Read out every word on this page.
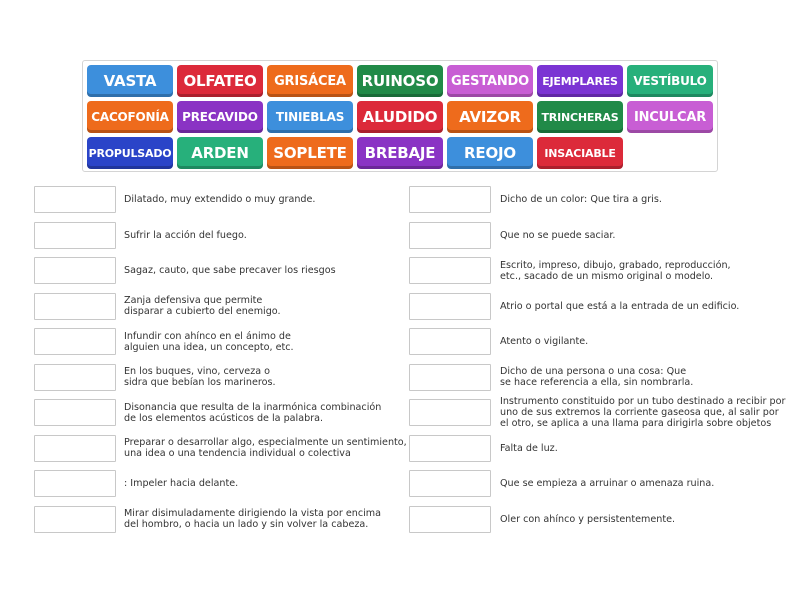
VASTA	OLFATEO	GRISÁCEA	RUINOSO GESTANDO	EJEMPLARES	VESTÍBULO
CACOFONÍA	PRECAVIDO	TINIEBLAS	ALUDIDO	AVIZOR	TRINCHERAS	INCULCAR
PROPULSADO	ARDEN	SOPLETE	BREBAJE	REOJO	INSACIABLE
Dilatado, muy extendido o muy grande.
Sufrir la acción del fuego.
Sagaz, cauto, que sabe precaver los riesgos
Zanja defensiva que permite
disparar a cubierto del enemigo.
Infundir con ahínco en el ánimo de
alguien una idea, un concepto, etc.
En los buques, vino, cerveza o
sidra que bebían los marineros.
Disonancia que resulta de la inarmónica combinación
de los elementos acústicos de la palabra.
Preparar o desarrollar algo, especialmente un sentimiento,
una idea o una tendencia individual o colectiva
: Impeler hacia delante.
Mirar disimuladamente dirigiendo la vista por encima
del hombro, o hacia un lado y sin volver la cabeza.
Dicho de un color: Que tira a gris.
Que no se puede saciar.
Escrito, impreso, dibujo, grabado, reproducción,
etc., sacado de un mismo original o modelo.
Atrio o portal que está a la entrada de un edificio.
Atento o vigilante.
Dicho de una persona o una cosa: Que
se hace referencia a ella, sin nombrarla.
Instrumento constituido por un tubo destinado a recibir por
uno de sus extremos la corriente gaseosa que, al salir por
el otro, se aplica a una llama para dirigirla sobre objetos
Falta de luz.
Que se empieza a arruinar o amenaza ruina.
Oler con ahínco y persistentemente.
